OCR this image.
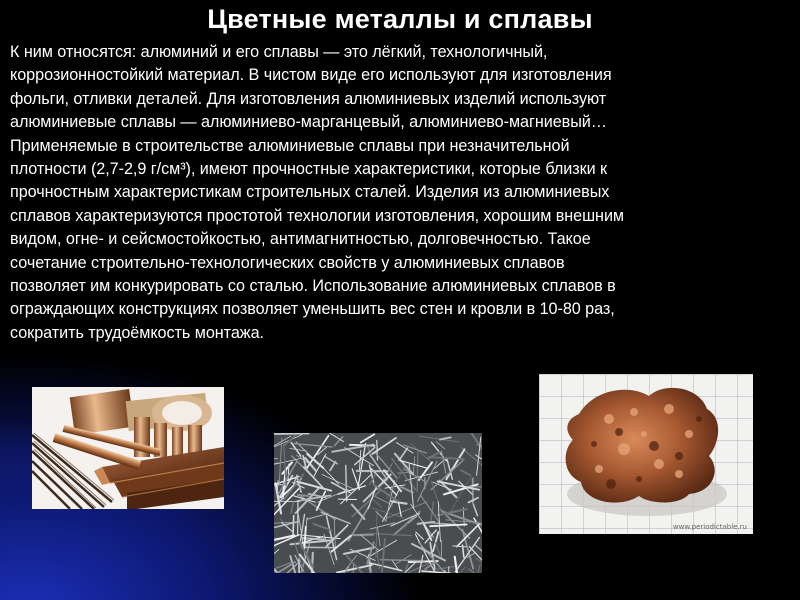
Цветные металлы и сплавы
К ним относятся: алюминий и его сплавы — это лёгкий, технологичный,
коррозионностойкий материал. В чистом виде его используют для изготовления
фольги, отливки деталей. Для изготовления алюминиевых изделий используют
алюминиевые сплавы — алюминиево-марганцевый, алюминиево-магниевый…
Применяемые в строительстве алюминиевые сплавы при незначительной
плотности (2,7-2,9 г/см³), имеют прочностные характеристики, которые близки к
прочностным характеристикам строительных сталей. Изделия из алюминиевых
сплавов характеризуются простотой технологии изготовления, хорошим внешним
видом, огне- и сейсмостойкостью, антимагнитностью, долговечностью. Такое
сочетание строительно-технологических свойств у алюминиевых сплавов
позволяет им конкурировать со сталью. Использование алюминиевых сплавов в
ограждающих конструкциях позволяет уменьшить вес стен и кровли в 10-80 раз,
сократить трудоёмкость монтажа.
www.periodictable.ru
